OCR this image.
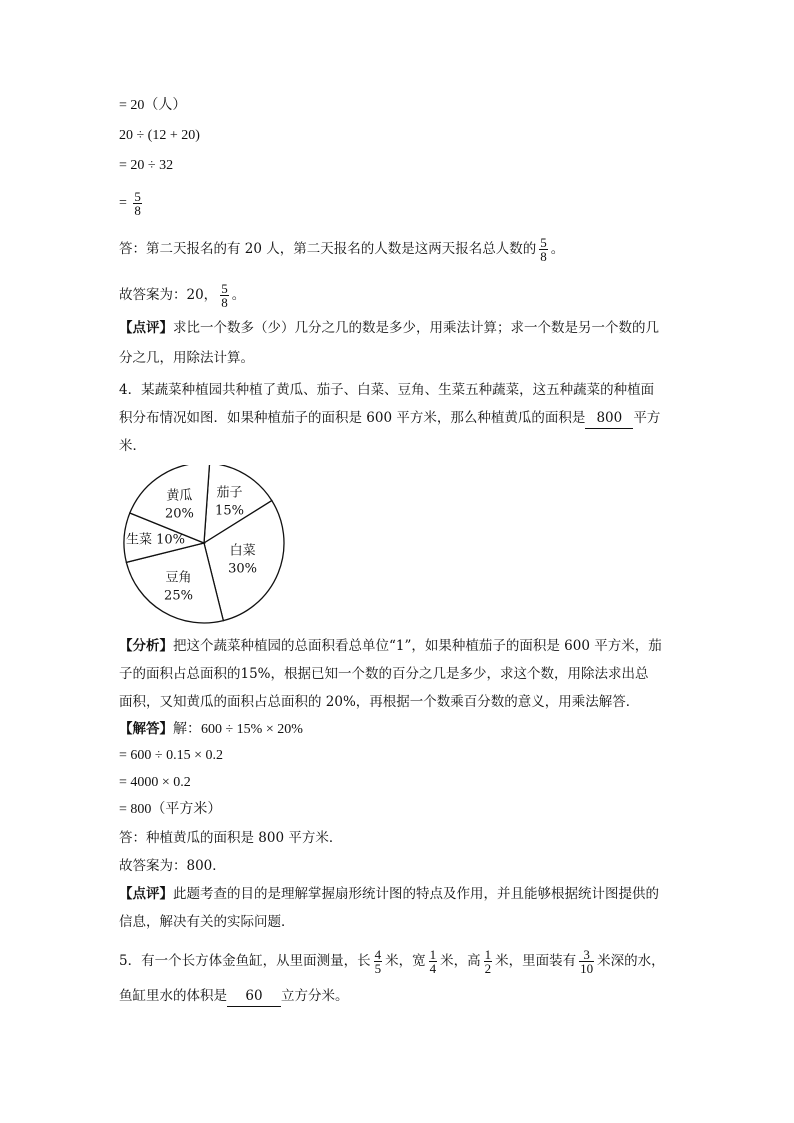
= 20（人）
20 ÷ (12 + 20)
= 20 ÷ 32
= $\frac{5}{8}$
答：第二天报名的有 20 人，第二天报名的人数是这两天报名总人数的 $\frac{5}{8}$ 。
故答案为：20， $\frac{5}{8}$ 。
【点评】求比一个数多（少）几分之几的数是多少，用乘法计算；求一个数是另一个数的几
分之几，用除法计算。
4．某蔬菜种植园共种植了黄瓜、茄子、白菜、豆角、生菜五种蔬菜，这五种蔬菜的种植面
积分布情况如图．如果种植茄子的面积是 600 平方米，那么种植黄瓜的面积是 800 平方
米．
茄子
15%
白菜
30%
豆角
25%
生菜 10%
黄瓜
20%
【分析】把这个蔬菜种植园的总面积看总单位“1”，如果种植茄子的面积是 600 平方米，茄
子的面积占总面积的15%，根据已知一个数的百分之几是多少，求这个数，用除法求出总
面积，又知黄瓜的面积占总面积的 20%，再根据一个数乘百分数的意义，用乘法解答．
【解答】解：600 ÷ 15% × 20%
= 600 ÷ 0.15 × 0.2
= 4000 × 0.2
= 800（平方米）
答：种植黄瓜的面积是 800 平方米．
故答案为：800．
【点评】此题考查的目的是理解掌握扇形统计图的特点及作用，并且能够根据统计图提供的
信息，解决有关的实际问题．
5．有一个长方体金鱼缸，从里面测量，长 $\frac{4}{5}$ 米，宽 $\frac{1}{4}$ 米，高 $\frac{1}{2}$ 米，里面装有 $\frac{3}{10}$ 米深的水，
鱼缸里水的体积是 60 立方分米。
